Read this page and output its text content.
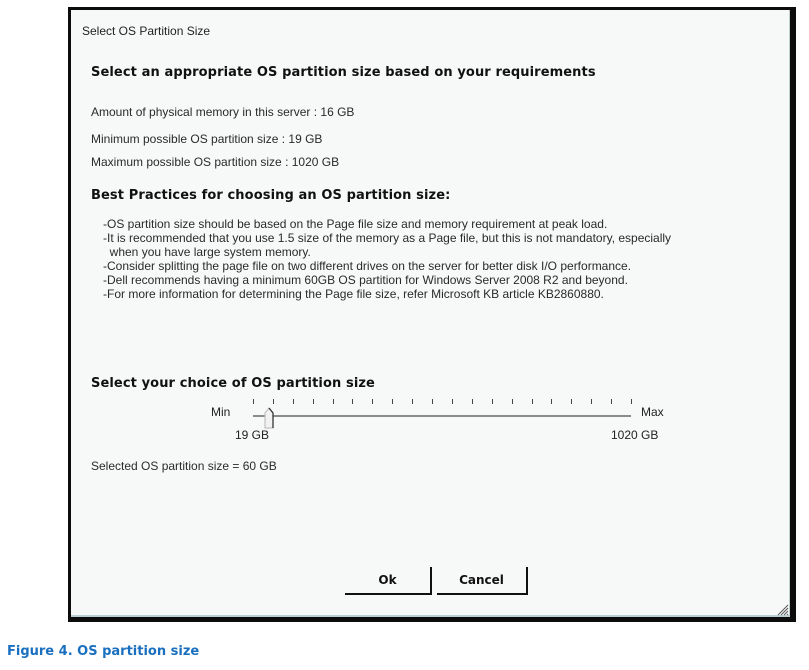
Select OS Partition Size
Select an appropriate OS partition size based on your requirements
Amount of physical memory in this server : 16 GB
Minimum possible OS partition size : 19 GB
Maximum possible OS partition size : 1020 GB
Best Practices for choosing an OS partition size:
-OS partition size should be based on the Page file size and memory requirement at peak load.
-It is recommended that you use 1.5 size of the memory as a Page file, but this is not mandatory, especially
when you have large system memory.
-Consider splitting the page file on two different drives on the server for better disk I/O performance.
-Dell recommends having a minimum 60GB OS partition for Windows Server 2008 R2 and beyond.
-For more information for determining the Page file size, refer Microsoft KB article KB2860880.
Select your choice of OS partition size
Min	Max
19 GB	1020 GB
Selected OS partition size = 60 GB
Ok	Cancel
Figure 4. OS partition size
